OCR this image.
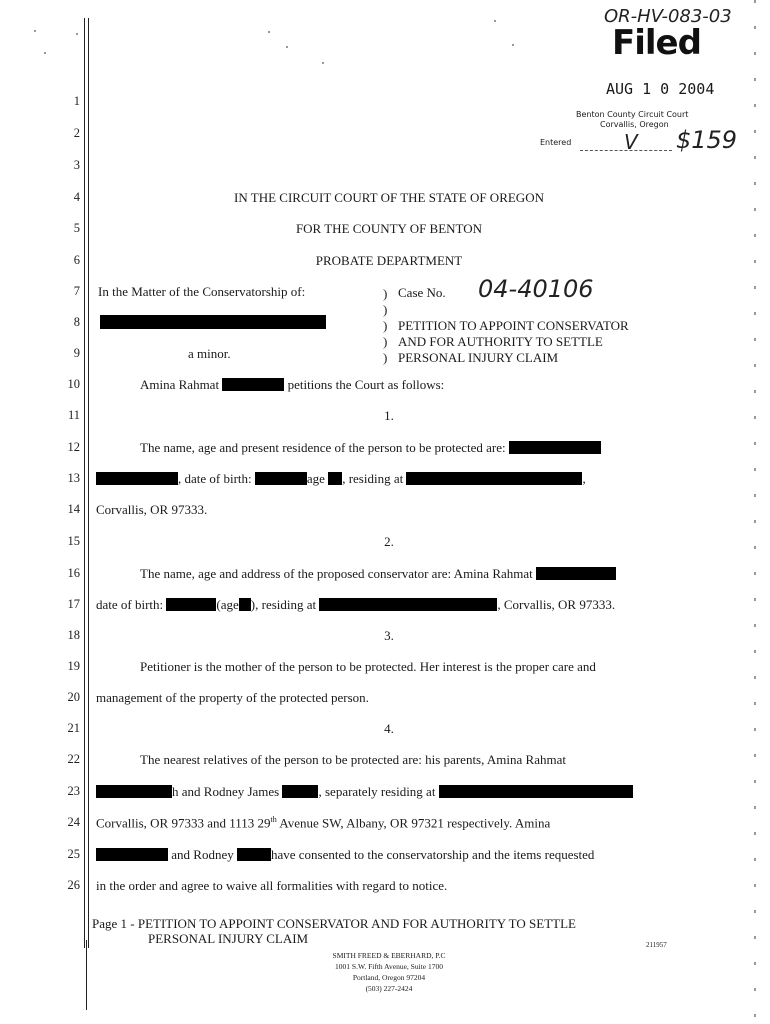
OR-HV-083-03
Filed
AUG 1 0 2004
Benton County Circuit Court
Corvallis, Oregon
Entered	V $159
1
2
3
4
5
6
7
8
9
10
11
12
13
14
15
16
17
18
19
20
21
22
23
24
25
26
IN THE CIRCUIT COURT OF THE STATE OF OREGON
FOR THE COUNTY OF BENTON
PROBATE DEPARTMENT
In the Matter of the Conservatorship of:
a minor.
)
)
)
)
)
Case No. 04-40106
PETITION TO APPOINT CONSERVATOR
AND FOR AUTHORITY TO SETTLE
PERSONAL INJURY CLAIM
Amina Rahmat	petitions the Court as follows:
1.
The name, age and present residence of the person to be protected are:
, date of birth:	age , residing at	,
Corvallis, OR 97333.
2.
The name, age and address of the proposed conservator are: Amina Rahmat
date of birth:	(age ), residing at	, Corvallis, OR 97333.
3.
Petitioner is the mother of the person to be protected. Her interest is the proper care and
management of the property of the protected person.
4.
The nearest relatives of the person to be protected are: his parents, Amina Rahmat
h and Rodney James	, separately residing at
Corvallis, OR 97333 and 1113 29th Avenue SW, Albany, OR 97321 respectively. Amina
and Rodney	have consented to the conservatorship and the items requested
in the order and agree to waive all formalities with regard to notice.
Page 1 - PETITION TO APPOINT CONSERVATOR AND FOR AUTHORITY TO SETTLE
PERSONAL INJURY CLAIM	211957
SMITH FREED & EBERHARD, P.C
1001 S.W. Fifth Avenue, Suite 1700
Portland, Oregon 97204
(503) 227-2424
